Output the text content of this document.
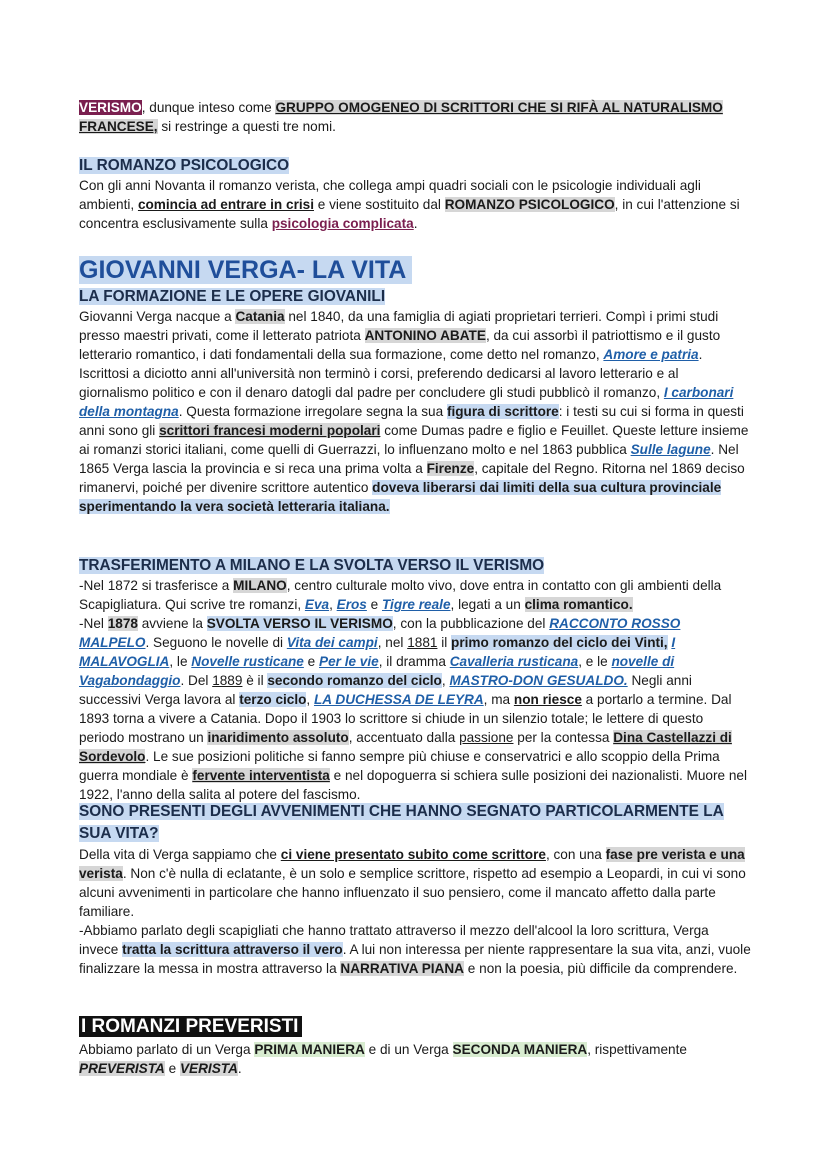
VERISMO, dunque inteso come GRUPPO OMOGENEO DI SCRITTORI CHE SI RIFÀ AL NATURALISMO FRANCESE, si restringe a questi tre nomi.

IL ROMANZO PSICOLOGICO

Con gli anni Novanta il romanzo verista, che collega ampi quadri sociali con le psicologie individuali agli ambienti, comincia ad entrare in crisi e viene sostituito dal ROMANZO PSICOLOGICO, in cui l'attenzione si concentra esclusivamente sulla psicologia complicata.

GIOVANNI VERGA- LA VITA
LA FORMAZIONE E LE OPERE GIOVANILI

Giovanni Verga nacque a Catania nel 1840, da una famiglia di agiati proprietari terrieri. Compì i primi studi presso maestri privati, come il letterato patriota ANTONINO ABATE, da cui assorbì il patriottismo e il gusto letterario romantico, i dati fondamentali della sua formazione, come detto nel romanzo, Amore e patria. Iscrittosi a diciotto anni all'università non terminò i corsi, preferendo dedicarsi al lavoro letterario e al giornalismo politico e con il denaro datogli dal padre per concludere gli studi pubblicò il romanzo, I carbonari della montagna. Questa formazione irregolare segna la sua figura di scrittore: i testi su cui si forma in questi anni sono gli scrittori francesi moderni popolari come Dumas padre e figlio e Feuillet. Queste letture insieme ai romanzi storici italiani, come quelli di Guerrazzi, lo influenzano molto e nel 1863 pubblica Sulle lagune. Nel 1865 Verga lascia la provincia e si reca una prima volta a Firenze, capitale del Regno. Ritorna nel 1869 deciso rimanervi, poiché per divenire scrittore autentico doveva liberarsi dai limiti della sua cultura provinciale sperimentando la vera società letteraria italiana.

TRASFERIMENTO A MILANO E LA SVOLTA VERSO IL VERISMO

-Nel 1872 si trasferisce a MILANO, centro culturale molto vivo, dove entra in contatto con gli ambienti della Scapigliatura. Qui scrive tre romanzi, Eva, Eros e Tigre reale, legati a un clima romantico.

-Nel 1878 avviene la SVOLTA VERSO IL VERISMO, con la pubblicazione del RACCONTO ROSSO MALPELO. Seguono le novelle di Vita dei campi, nel 1881 il primo romanzo del ciclo dei Vinti, I MALAVOGLIA, le Novelle rusticane e Per le vie, il dramma Cavalleria rusticana, e le novelle di Vagabondaggio. Del 1889 è il secondo romanzo del ciclo, MASTRO-DON GESUALDO. Negli anni successivi Verga lavora al terzo ciclo, LA DUCHESSA DE LEYRA, ma non riesce a portarlo a termine. Dal 1893 torna a vivere a Catania. Dopo il 1903 lo scrittore si chiude in un silenzio totale; le lettere di questo periodo mostrano un inaridimento assoluto, accentuato dalla passione per la contessa Dina Castellazzi di Sordevolo. Le sue posizioni politiche si fanno sempre più chiuse e conservatrici e allo scoppio della Prima guerra mondiale è fervente interventista e nel dopoguerra si schiera sulle posizioni dei nazionalisti. Muore nel 1922, l'anno della salita al potere del fascismo.

SONO PRESENTI DEGLI AVVENIMENTI CHE HANNO SEGNATO PARTICOLARMENTE LA SUA VITA?

Della vita di Verga sappiamo che ci viene presentato subito come scrittore, con una fase pre verista e una verista. Non c'è nulla di eclatante, è un solo e semplice scrittore, rispetto ad esempio a Leopardi, in cui vi sono alcuni avvenimenti in particolare che hanno influenzato il suo pensiero, come il mancato affetto dalla parte familiare.

-Abbiamo parlato degli scapigliati che hanno trattato attraverso il mezzo dell'alcool la loro scrittura, Verga invece tratta la scrittura attraverso il vero. A lui non interessa per niente rappresentare la sua vita, anzi, vuole finalizzare la messa in mostra attraverso la NARRATIVA PIANA e non la poesia, più difficile da comprendere.

I ROMANZI PREVERISTI

Abbiamo parlato di un Verga PRIMA MANIERA e di un Verga SECONDA MANIERA, rispettivamente PREVERISTA e VERISTA.
